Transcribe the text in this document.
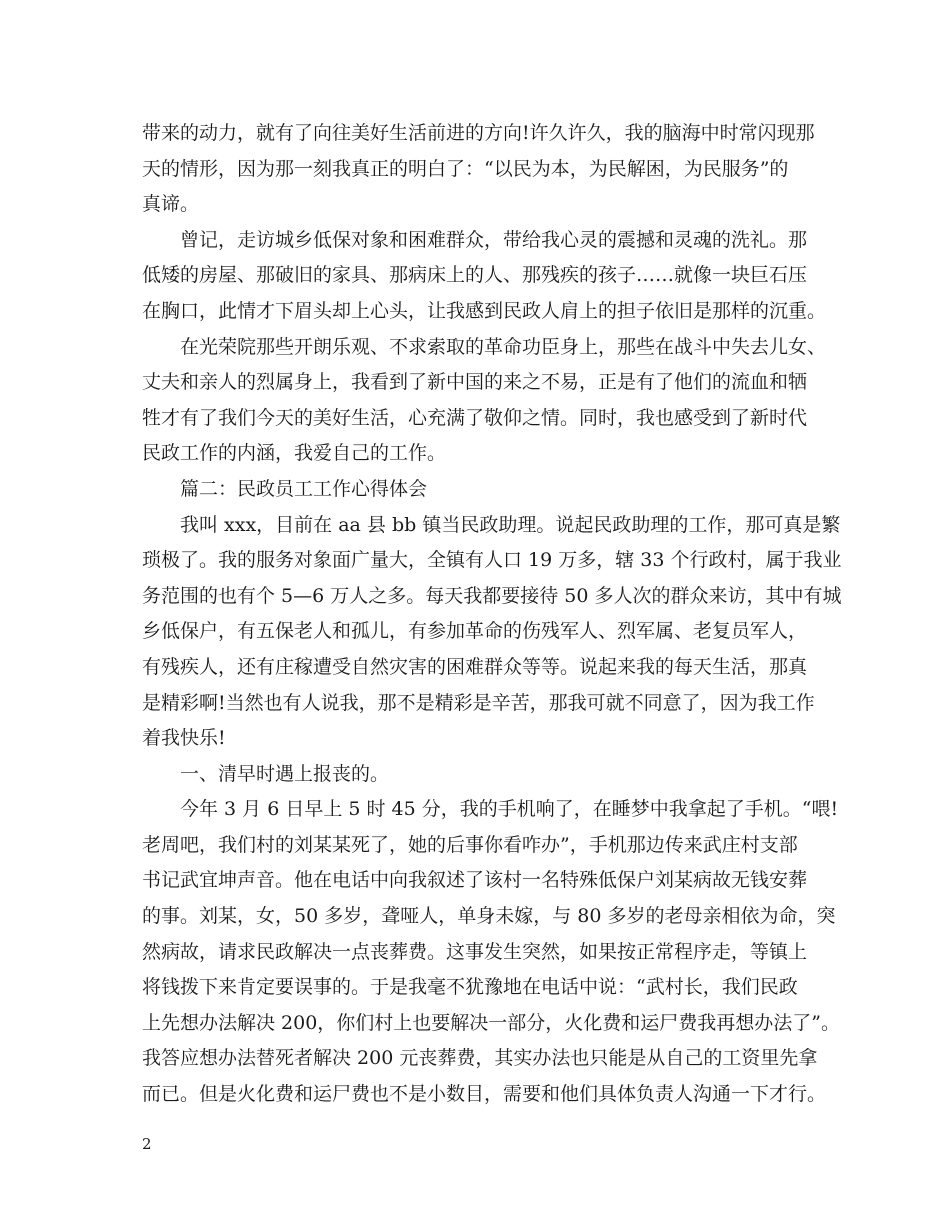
带来的动力，就有了向往美好生活前进的方向!许久许久，我的脑海中时常闪现那
天的情形，因为那一刻我真正的明白了：“以民为本，为民解困，为民服务”的
真谛。
曾记，走访城乡低保对象和困难群众，带给我心灵的震撼和灵魂的洗礼。那
低矮的房屋、那破旧的家具、那病床上的人、那残疾的孩子……就像一块巨石压
在胸口，此情才下眉头却上心头，让我感到民政人肩上的担子依旧是那样的沉重。
在光荣院那些开朗乐观、不求索取的革命功臣身上，那些在战斗中失去儿女、
丈夫和亲人的烈属身上，我看到了新中国的来之不易，正是有了他们的流血和牺
牲才有了我们今天的美好生活，心充满了敬仰之情。同时，我也感受到了新时代
民政工作的内涵，我爱自己的工作。
篇二：民政员工工作心得体会
我叫 xxx，目前在 aa 县 bb 镇当民政助理。说起民政助理的工作，那可真是繁
琐极了。我的服务对象面广量大，全镇有人口 19 万多，辖 33 个行政村，属于我业
务范围的也有个 5—6 万人之多。每天我都要接待 50 多人次的群众来访，其中有城
乡低保户，有五保老人和孤儿，有参加革命的伤残军人、烈军属、老复员军人，
有残疾人，还有庄稼遭受自然灾害的困难群众等等。说起来我的每天生活，那真
是精彩啊!当然也有人说我，那不是精彩是辛苦，那我可就不同意了，因为我工作
着我快乐!
一、清早时遇上报丧的。
今年 3 月 6 日早上 5 时 45 分，我的手机响了，在睡梦中我拿起了手机。“喂!
老周吧，我们村的刘某某死了，她的后事你看咋办”，手机那边传来武庄村支部
书记武宜坤声音。他在电话中向我叙述了该村一名特殊低保户刘某病故无钱安葬
的事。刘某，女，50 多岁，聋哑人，单身未嫁，与 80 多岁的老母亲相依为命，突
然病故，请求民政解决一点丧葬费。这事发生突然，如果按正常程序走，等镇上
将钱拨下来肯定要误事的。于是我毫不犹豫地在电话中说：“武村长，我们民政
上先想办法解决 200，你们村上也要解决一部分，火化费和运尸费我再想办法了”。
我答应想办法替死者解决 200 元丧葬费，其实办法也只能是从自己的工资里先拿
而已。但是火化费和运尸费也不是小数目，需要和他们具体负责人沟通一下才行。
2
